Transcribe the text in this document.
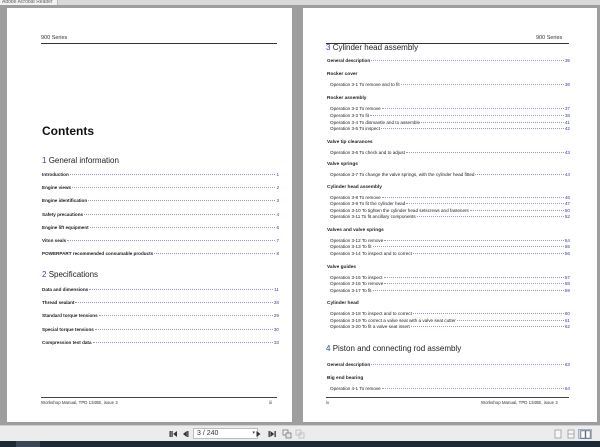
Adobe Acrobat Reader
900 Series
Contents
1 General information
Introduction	1
Engine views	2
Engine identification	3
Safety precautions	4
Engine lift equipment	6
Viton seals	7
POWERPART recommended consumable products	8
2 Specifications
Data and dimensions	11
Thread sealant	28
Standard torque tensions	29
Special torque tensions	30
Compression test data	33
Workshop Manual, TPD 1345E, issue 3	iii
900 Series
3 Cylinder head assembly
General description	35
Rocker cover
Operation 3-1 To remove and to fit	36
Rocker assembly
Operation 3-2 To remove	37
Operation 3-3 To fit	38
Operation 3-4 To dismantle and to assemble	41
Operation 3-5 To inspect	42
Valve tip clearances
Operation 3-6 To check and to adjust	43
Valve springs
Operation 3-7 To change the valve springs, with the cylinder head fitted	44
Cylinder head assembly
Operation 3-8 To remove	46
Operation 3-9 To fit the cylinder head	47
Operation 3-10 To tighten the cylinder head setscrews and fasteners	50
Operation 3-11 To fit ancillary components	52
Valves and valve springs
Operation 3-12 To remove	54
Operation 3-13 To fit	55
Operation 3-14 To inspect and to correct	56
Valve guides
Operation 3-15 To inspect	57
Operation 3-16 To remove	58
Operation 3-17 To fit	59
Cylinder head
Operation 3-18 To inspect and to correct	60
Operation 3-19 To correct a valve seat with a valve seat cutter	61
Operation 3-20 To fit a valve seat insert	62
4 Piston and connecting rod assembly
General description	63
Big end bearing
Operation 4-1 To remove	64
iv	Workshop Manual, TPD 1345E, issue 3
3 / 240	▾
